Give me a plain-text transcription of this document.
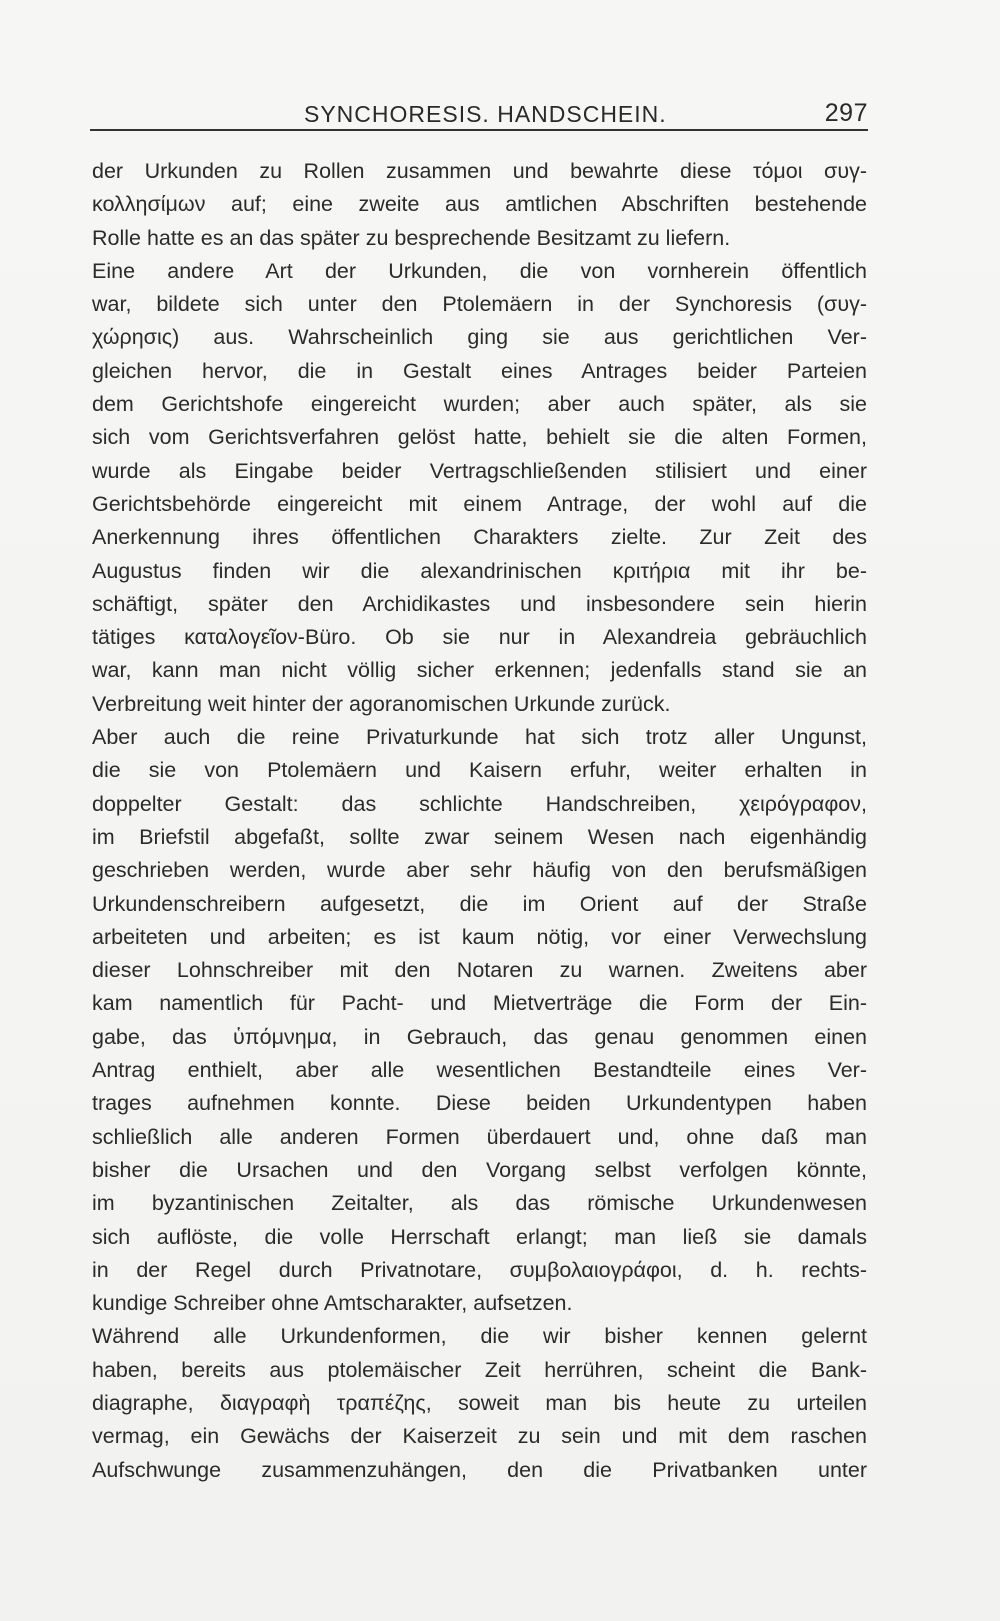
SYNCHORESIS. HANDSCHEIN.	297
der Urkunden zu Rollen zusammen und bewahrte diese τόμοι συγ-
κολλησίμων auf; eine zweite aus amtlichen Abschriften bestehende
Rolle hatte es an das später zu besprechende Besitzamt zu liefern.
Eine andere Art der Urkunden, die von vornherein öffentlich
war, bildete sich unter den Ptolemäern in der Synchoresis (συγ-
χώρησις) aus. Wahrscheinlich ging sie aus gerichtlichen Ver-
gleichen hervor, die in Gestalt eines Antrages beider Parteien
dem Gerichtshofe eingereicht wurden; aber auch später, als sie
sich vom Gerichtsverfahren gelöst hatte, behielt sie die alten Formen,
wurde als Eingabe beider Vertragschließenden stilisiert und einer
Gerichtsbehörde eingereicht mit einem Antrage, der wohl auf die
Anerkennung ihres öffentlichen Charakters zielte. Zur Zeit des
Augustus finden wir die alexandrinischen κριτήρια mit ihr be-
schäftigt, später den Archidikastes und insbesondere sein hierin
tätiges καταλογεῖον-Büro. Ob sie nur in Alexandreia gebräuchlich
war, kann man nicht völlig sicher erkennen; jedenfalls stand sie an
Verbreitung weit hinter der agoranomischen Urkunde zurück.
Aber auch die reine Privaturkunde hat sich trotz aller Ungunst,
die sie von Ptolemäern und Kaisern erfuhr, weiter erhalten in
doppelter Gestalt: das schlichte Handschreiben, χειρόγραφον,
im Briefstil abgefaßt, sollte zwar seinem Wesen nach eigenhändig
geschrieben werden, wurde aber sehr häufig von den berufsmäßigen
Urkundenschreibern aufgesetzt, die im Orient auf der Straße
arbeiteten und arbeiten; es ist kaum nötig, vor einer Verwechslung
dieser Lohnschreiber mit den Notaren zu warnen. Zweitens aber
kam namentlich für Pacht- und Mietverträge die Form der Ein-
gabe, das ὑπόμνημα, in Gebrauch, das genau genommen einen
Antrag enthielt, aber alle wesentlichen Bestandteile eines Ver-
trages aufnehmen konnte. Diese beiden Urkundentypen haben
schließlich alle anderen Formen überdauert und, ohne daß man
bisher die Ursachen und den Vorgang selbst verfolgen könnte,
im byzantinischen Zeitalter, als das römische Urkundenwesen
sich auflöste, die volle Herrschaft erlangt; man ließ sie damals
in der Regel durch Privatnotare, συμβολαιογράφοι, d. h. rechts-
kundige Schreiber ohne Amtscharakter, aufsetzen.
Während alle Urkundenformen, die wir bisher kennen gelernt
haben, bereits aus ptolemäischer Zeit herrühren, scheint die Bank-
diagraphe, διαγραφὴ τραπέζης, soweit man bis heute zu urteilen
vermag, ein Gewächs der Kaiserzeit zu sein und mit dem raschen
Aufschwunge zusammenzuhängen, den die Privatbanken unter
